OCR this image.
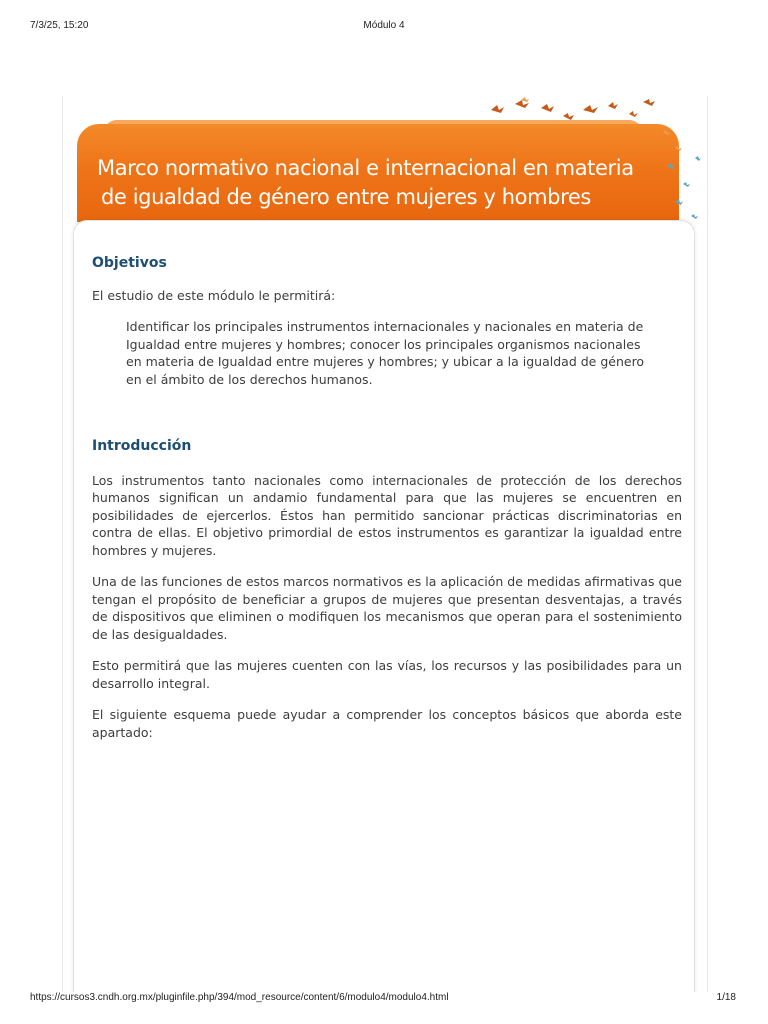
Módulo 4
7/3/25, 15:20
Marco normativo nacional e internacional en materia
de igualdad de género entre mujeres y hombres
Objetivos

El estudio de este módulo le permitirá:

Identificar los principales instrumentos internacionales y nacionales en materia de Igualdad entre mujeres y hombres; conocer los principales organismos nacionales en materia de Igualdad entre mujeres y hombres; y ubicar a la igualdad de género en el ámbito de los derechos humanos.

Introducción

Los instrumentos tanto nacionales como internacionales de protección de los derechos humanos significan un andamio fundamental para que las mujeres se encuentren en posibilidades de ejercerlos. Éstos han permitido sancionar prácticas discriminatorias en contra de ellas. El objetivo primordial de estos instrumentos es garantizar la igualdad entre hombres y mujeres.

Una de las funciones de estos marcos normativos es la aplicación de medidas afirmativas que tengan el propósito de beneficiar a grupos de mujeres que presentan desventajas, a través de dispositivos que eliminen o modifiquen los mecanismos que operan para el sostenimiento de las desigualdades.

Esto permitirá que las mujeres cuenten con las vías, los recursos y las posibilidades para un desarrollo integral.

El siguiente esquema puede ayudar a comprender los conceptos básicos que aborda este apartado:

https://cursos3.cndh.org.mx/pluginfile.php/394/mod_resource/content/6/modulo4/modulo4.html	1/18
